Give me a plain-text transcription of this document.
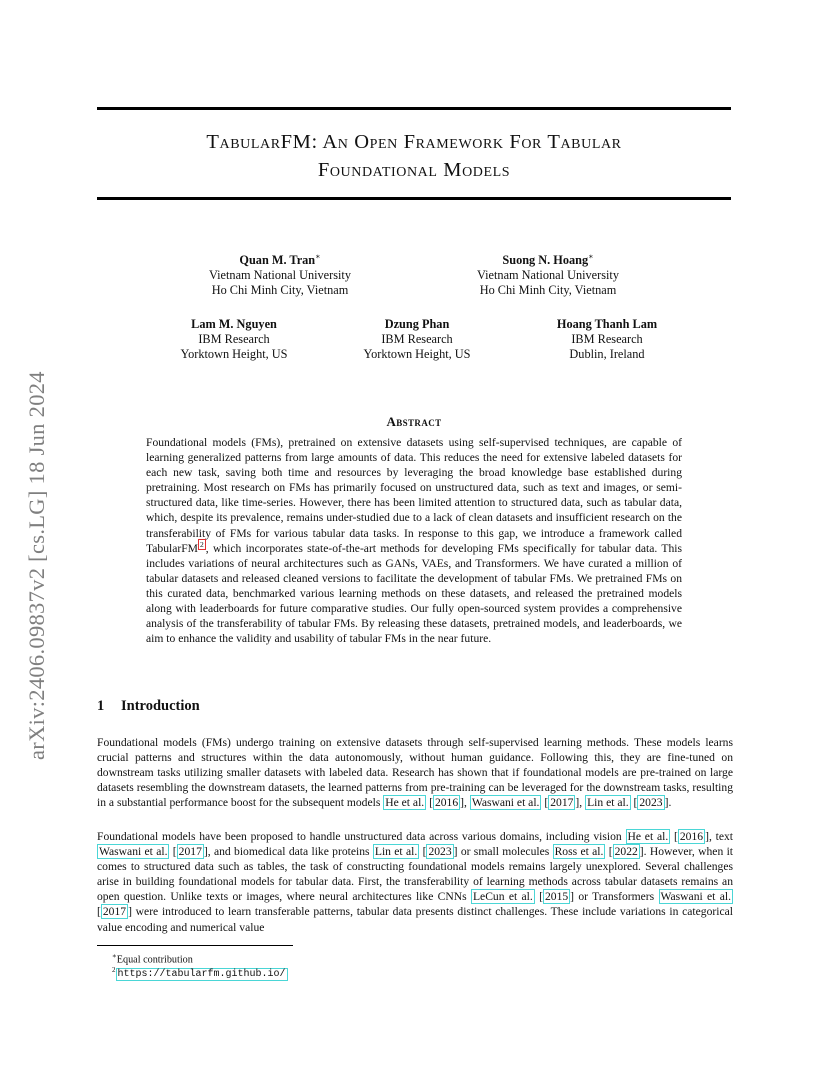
arXiv:2406.09837v2 [cs.LG] 18 Jun 2024
TabularFM: An Open Framework For Tabular
Foundational Models
Quan M. Tran∗
Vietnam National University
Ho Chi Minh City, Vietnam
Suong N. Hoang∗
Vietnam National University
Ho Chi Minh City, Vietnam
Lam M. Nguyen
IBM Research
Yorktown Height, US
Dzung Phan
IBM Research
Yorktown Height, US
Hoang Thanh Lam
IBM Research
Dublin, Ireland
Abstract
Foundational models (FMs), pretrained on extensive datasets using self-supervised techniques, are capable of learning generalized patterns from large amounts of data. This reduces the need for extensive labeled datasets for each new task, saving both time and resources by leveraging the broad knowledge base established during pretraining. Most research on FMs has primarily focused on unstructured data, such as text and images, or semi-structured data, like time-series. However, there has been limited attention to structured data, such as tabular data, which, despite its prevalence, remains under-studied due to a lack of clean datasets and insufficient research on the transferability of FMs for various tabular data tasks. In response to this gap, we introduce a framework called TabularFM $^2$ , which incorporates state-of-the-art methods for developing FMs specifically for tabular data. This includes variations of neural architectures such as GANs, VAEs, and Transformers. We have curated a million of tabular datasets and released cleaned versions to facilitate the development of tabular FMs. We pretrained FMs on this curated data, benchmarked various learning methods on these datasets, and released the pretrained models along with leaderboards for future comparative studies. Our fully open-sourced system provides a comprehensive analysis of the transferability of tabular FMs. By releasing these datasets, pretrained models, and leaderboards, we aim to enhance the validity and usability of tabular FMs in the near future.
1 Introduction

Foundational models (FMs) undergo training on extensive datasets through self-supervised learning methods. These models learns crucial patterns and structures within the data autonomously, without human guidance. Following this, they are fine-tuned on downstream tasks utilizing smaller datasets with labeled data. Research has shown that if foundational models are pre-trained on large datasets resembling the downstream datasets, the learned patterns from pre-training can be leveraged for the downstream tasks, resulting in a substantial performance boost for the subsequent models He et al. [ 2016 ], Waswani et al. [ 2017 ], Lin et al. [ 2023 ].

Foundational models have been proposed to handle unstructured data across various domains, including vision He et al. [ 2016 ], text Waswani et al. [ 2017 ], and biomedical data like proteins Lin et al. [ 2023 ] or small molecules Ross et al. [ 2022 ]. However, when it comes to structured data such as tables, the task of constructing foundational models remains largely unexplored. Several challenges arise in building foundational models for tabular data. First, the transferability of learning methods across tabular datasets remains an open question. Unlike texts or images, where neural architectures like CNNs LeCun et al. [ 2015 ] or Transformers Waswani et al. [ 2017 ] were introduced to learn transferable patterns, tabular data presents distinct challenges. These include variations in categorical value encoding and numerical value

∗Equal contribution
$^2$ https://tabularfm.github.io/
